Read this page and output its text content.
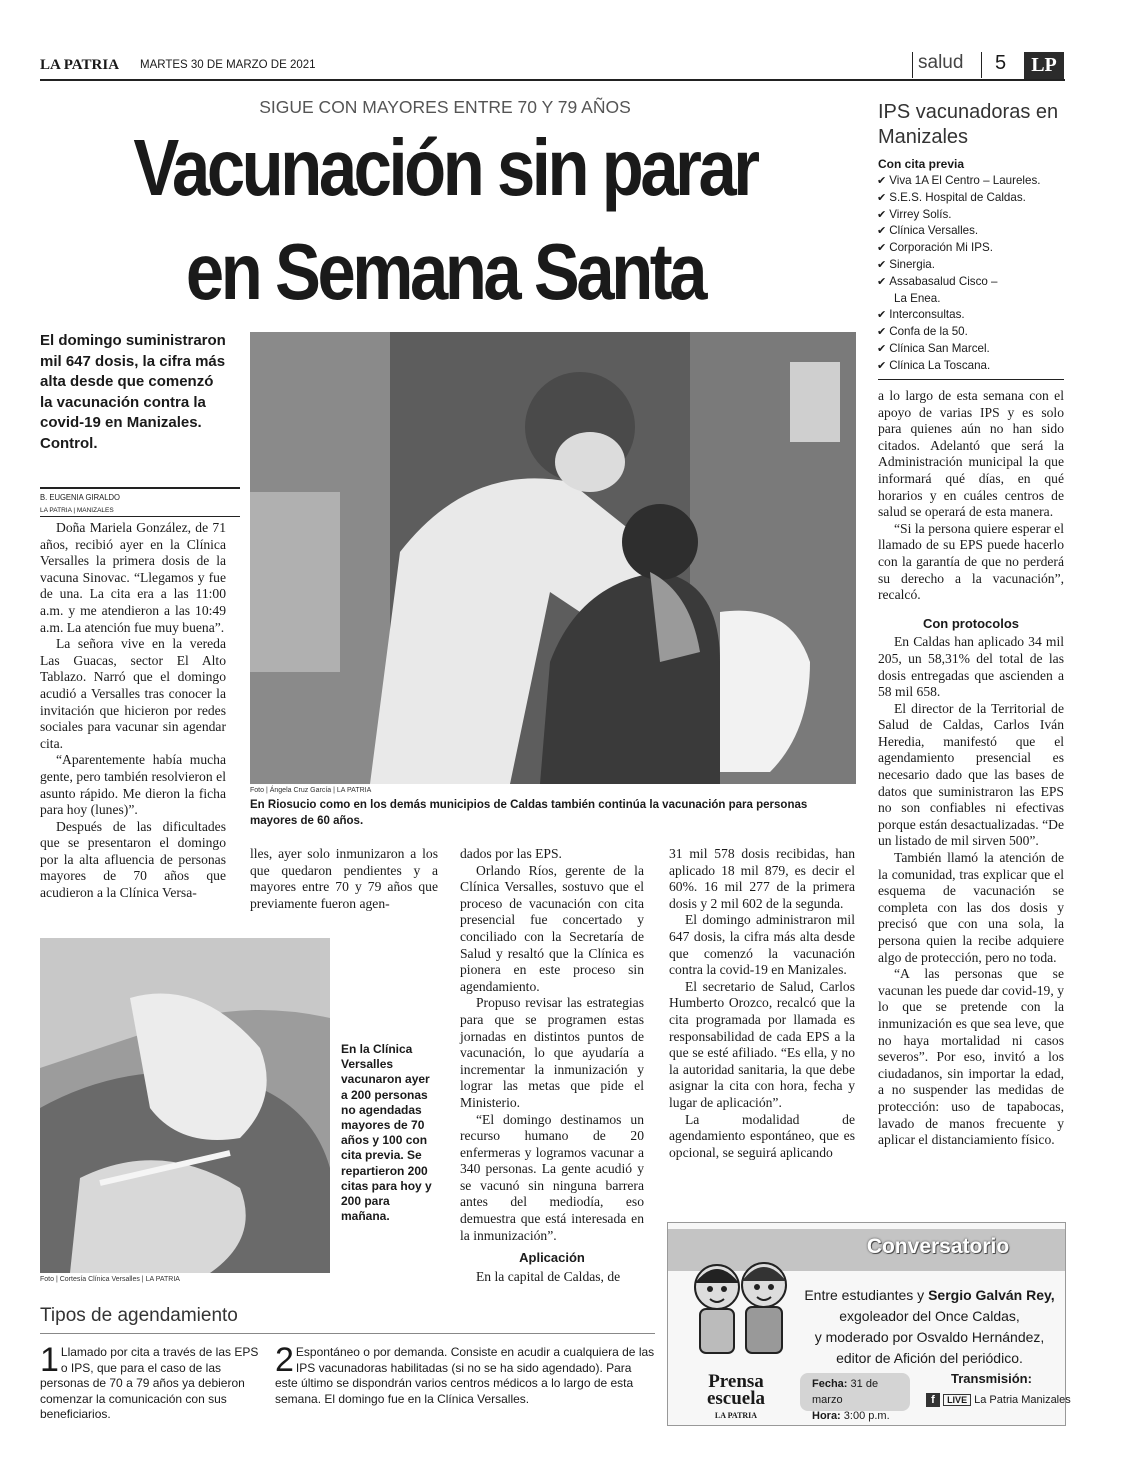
LA PATRIA MARTES 30 DE MARZO DE 2021	salud 5	LP
SIGUE CON MAYORES ENTRE 70 Y 79 AÑOS
Vacunación sin parar
en Semana Santa
IPS vacunadoras en Manizales
Con cita previa
✔ Viva 1A El Centro – Laureles.
✔ S.E.S. Hospital de Caldas.
✔ Virrey Solís.
✔ Clínica Versalles.
✔ Corporación Mi IPS.
✔ Sinergia.
✔ Assabasalud Cisco –
La Enea.
✔ Interconsultas.
✔ Confa de la 50.
✔ Clínica San Marcel.
✔ Clínica La Toscana.
El domingo suministraron mil 647 dosis, la cifra más alta desde que comenzó la vacunación contra la covid-19 en Manizales. Control.
B. EUGENIA GIRALDO
LA PATRIA | MANIZALES

Doña Mariela González, de 71 años, recibió ayer en la Clínica Versalles la primera dosis de la vacuna Sinovac. “Llegamos y fue de una. La cita era a las 11:00 a.m. y me atendieron a las 10:49 a.m. La atención fue muy buena”.

La señora vive en la vereda Las Guacas, sector El Alto Tablazo. Narró que el domingo acudió a Versalles tras conocer la invitación que hicieron por redes sociales para vacunar sin agendar cita.

“Aparentemente había mucha gente, pero también resolvieron el asunto rápido. Me dieron la ficha para hoy (lunes)”.

Después de las dificultades que se presentaron el domingo por la alta afluencia de personas mayores de 70 años que acudieron a la Clínica Versa-

Foto | Ángela Cruz García | LA PATRIA
En Riosucio como en los demás municipios de Caldas también continúa la vacunación para personas mayores de 60 años.

lles, ayer solo inmunizaron a los que quedaron pendientes y a mayores entre 70 y 79 años que previamente fueron agen-

dados por las EPS.

Orlando Ríos, gerente de la Clínica Versalles, sostuvo que el proceso de vacunación con cita presencial fue concertado y conciliado con la Secretaría de Salud y resaltó que la Clínica es pionera en este proceso sin agendamiento.

Propuso revisar las estrategias para que se programen estas jornadas en distintos puntos de vacunación, lo que ayudaría a incrementar la inmunización y lograr las metas que pide el Ministerio.

“El domingo destinamos un recurso humano de 20 enfermeras y logramos vacunar a 340 personas. La gente acudió y se vacunó sin ninguna barrera antes del mediodía, eso demuestra que está interesada en la inmunización”.

Aplicación

En la capital de Caldas, de

31 mil 578 dosis recibidas, han aplicado 18 mil 879, es decir el 60%. 16 mil 277 de la primera dosis y 2 mil 602 de la segunda.

El domingo administraron mil 647 dosis, la cifra más alta desde que comenzó la vacunación contra la covid-19 en Manizales.

El secretario de Salud, Carlos Humberto Orozco, recalcó que la cita programada por llamada es responsabilidad de cada EPS a la que se esté afiliado. “Es ella, y no la autoridad sanitaria, la que debe asignar la cita con hora, fecha y lugar de aplicación”.

La modalidad de agendamiento espontáneo, que es opcional, se seguirá aplicando

a lo largo de esta semana con el apoyo de varias IPS y es solo para quienes aún no han sido citados. Adelantó que será la Administración municipal la que informará qué días, en qué horarios y en cuáles centros de salud se operará de esta manera.

“Si la persona quiere esperar el llamado de su EPS puede hacerlo con la garantía de que no perderá su derecho a la vacunación”, recalcó.

Con protocolos

En Caldas han aplicado 34 mil 205, un 58,31% del total de las dosis entregadas que ascienden a 58 mil 658.

El director de la Territorial de Salud de Caldas, Carlos Iván Heredia, manifestó que el agendamiento presencial es necesario dado que las bases de datos que suministraron las EPS no son confiables ni efectivas porque están desactualizadas. “De un listado de mil sirven 500”.

También llamó la atención de la comunidad, tras explicar que el esquema de vacunación se completa con las dos dosis y precisó que con una sola, la persona quien la recibe adquiere algo de protección, pero no toda.

“A las personas que se vacunan les puede dar covid-19, y lo que se pretende con la inmunización es que sea leve, que no haya mortalidad ni casos severos”. Por eso, invitó a los ciudadanos, sin importar la edad, a no suspender las medidas de protección: uso de tapabocas, lavado de manos frecuente y aplicar el distanciamiento físico.

Foto | Cortesía Clínica Versalles | LA PATRIA
En la Clínica Versalles vacunaron ayer a 200 personas no agendadas mayores de 70 años y 100 con cita previa. Se repartieron 200 citas para hoy y 200 para mañana.
Tipos de agendamiento
1 Llamado por cita a través de las EPS o IPS, que para el caso de las personas de 70 a 79 años ya debieron comenzar la comunicación con sus beneficiarios.
2 Espontáneo o por demanda. Consiste en acudir a cualquiera de las IPS vacunadoras habilitadas (si no se ha sido agendado). Para este último se dispondrán varios centros médicos a lo largo de esta semana. El domingo fue en la Clínica Versalles.
Conversatorio
Prensa
escuela
LA PATRIA
Entre estudiantes y Sergio Galván Rey,
exgoleador del Once Caldas,
y moderado por Osvaldo Hernández,
editor de Afición del periódico.
Fecha: 31 de marzo
Hora: 3:00 p.m.
Transmisión:
f LIVE La Patria Manizales
